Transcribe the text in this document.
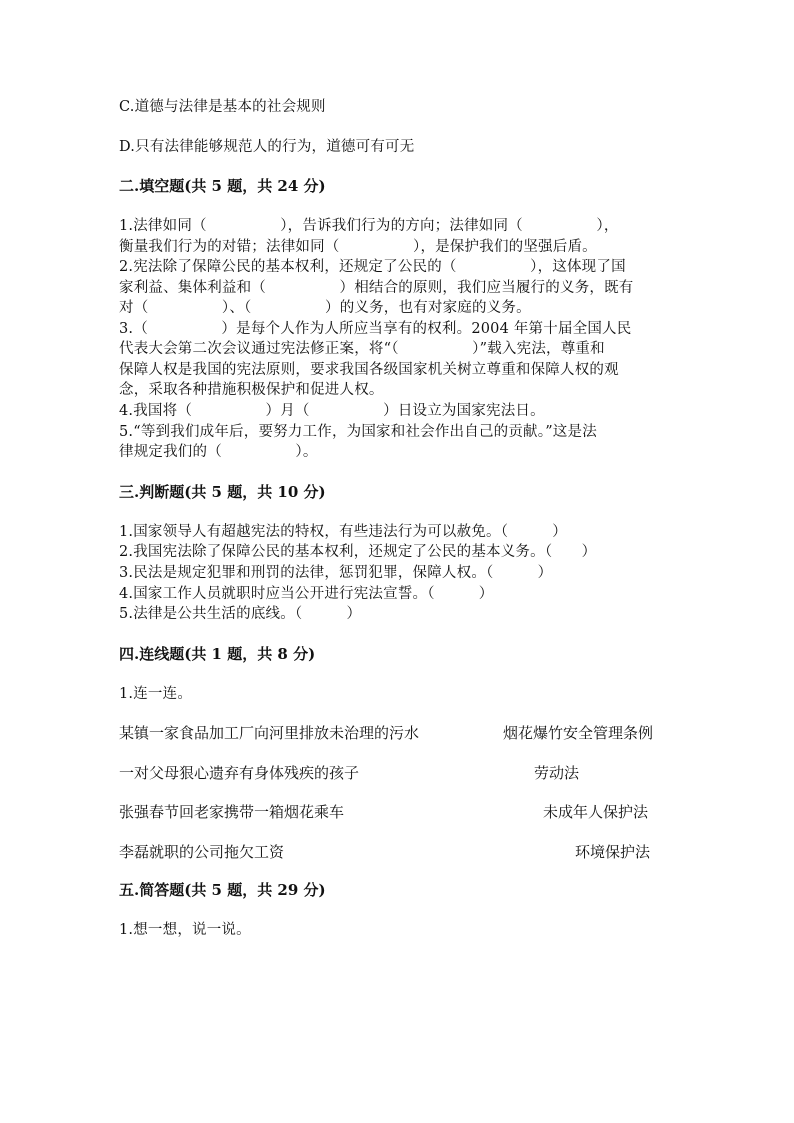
C.道德与法律是基本的社会规则
D.只有法律能够规范人的行为，道德可有可无
二.填空题(共 5 题，共 24 分)
1.法律如同（　　　　　），告诉我们行为的方向；法律如同（　　　　　），
衡量我们行为的对错；法律如同（　　　　　），是保护我们的坚强后盾。
2.宪法除了保障公民的基本权利，还规定了公民的（　　　　　），这体现了国
家利益、集体利益和（　　　　　）相结合的原则，我们应当履行的义务，既有
对（　　　　　）、（　　　　　）的义务，也有对家庭的义务。
3.（　　　　　）是每个人作为人所应当享有的权利。2004 年第十届全国人民
代表大会第二次会议通过宪法修正案，将“（　　　　　）”载入宪法，尊重和
保障人权是我国的宪法原则，要求我国各级国家机关树立尊重和保障人权的观
念，采取各种措施积极保护和促进人权。
4.我国将（　　　　　）月（　　　　　）日设立为国家宪法日。
5.“等到我们成年后，要努力工作，为国家和社会作出自己的贡献。”这是法
律规定我们的（　　　　　）。
三.判断题(共 5 题，共 10 分)
1.国家领导人有超越宪法的特权，有些违法行为可以赦免。（　　　）
2.我国宪法除了保障公民的基本权利，还规定了公民的基本义务。（　　）
3.民法是规定犯罪和刑罚的法律，惩罚犯罪，保障人权。（　　　）
4.国家工作人员就职时应当公开进行宪法宣誓。（　　　）
5.法律是公共生活的底线。（　　　）
四.连线题(共 1 题，共 8 分)
1.连一连。
某镇一家食品加工厂向河里排放未治理的污水	烟花爆竹安全管理条例
一对父母狠心遗弃有身体残疾的孩子	劳动法
张强春节回老家携带一箱烟花乘车	未成年人保护法
李磊就职的公司拖欠工资	环境保护法
五.简答题(共 5 题，共 29 分)
1.想一想，说一说。
